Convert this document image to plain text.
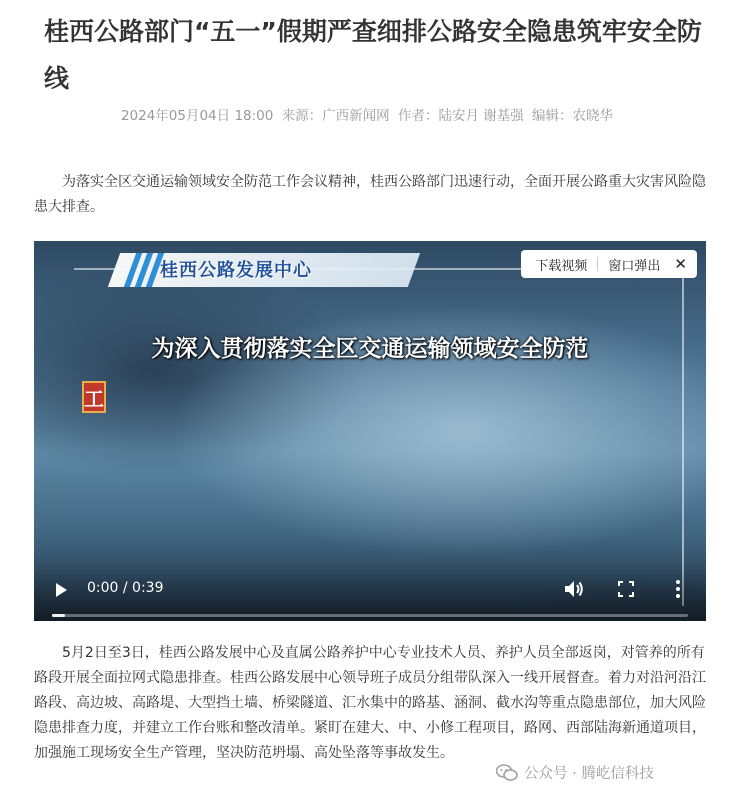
桂西公路部门“五一”假期严查细排公路安全隐患筑牢安全防线
2024年05月04日 18:00 来源：广西新闻网 作者：陆安月 谢基强 编辑：农晓华

为落实全区交通运输领域安全防范工作会议精神，桂西公路部门迅速行动，全面开展公路重大灾害风险隐患大排查。

桂西公路发展中心
为深入贯彻落实全区交通运输领域安全防范
工
下载视频	窗口弹出 ✕
0:00 / 0:39

5月2日至3日，桂西公路发展中心及直属公路养护中心专业技术人员、养护人员全部返岗，对管养的所有路段开展全面拉网式隐患排查。桂西公路发展中心领导班子成员分组带队深入一线开展督查。着力对沿河沿江路段、高边坡、高路堤、大型挡土墙、桥梁隧道、汇水集中的路基、涵洞、截水沟等重点隐患部位，加大风险隐患排查力度，并建立工作台账和整改清单。紧盯在建大、中、小修工程项目，路网、西部陆海新通道项目，加强施工现场安全生产管理，坚决防范坍塌、高处坠落等事故发生。

公众号 · 腾屹信科技
